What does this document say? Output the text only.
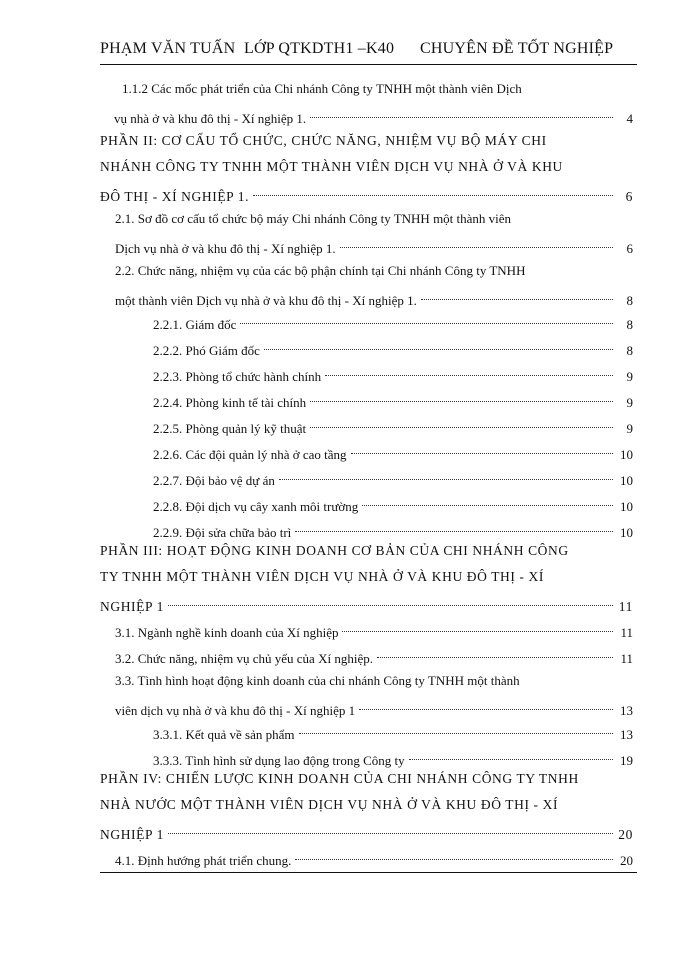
PHẠM VĂN TUẤN LỚP QTKDTH1 –K40 CHUYÊN ĐỀ TỐT NGHIỆP
1.1.2 Các mốc phát triển của Chi nhánh Công ty TNHH một thành viên Dịch
vụ nhà ở và khu đô thị - Xí nghiệp 1.	4
PHẦN II: CƠ CẤU TỔ CHỨC, CHỨC NĂNG, NHIỆM VỤ BỘ MÁY CHI
NHÁNH CÔNG TY TNHH MỘT THÀNH VIÊN DỊCH VỤ NHÀ Ở VÀ KHU
ĐÔ THỊ - XÍ NGHIỆP 1.	6
2.1. Sơ đồ cơ cấu tổ chức bộ máy Chi nhánh Công ty TNHH một thành viên
Dịch vụ nhà ở và khu đô thị - Xí nghiệp 1.	6
2.2. Chức năng, nhiệm vụ của các bộ phận chính tại Chi nhánh Công ty TNHH
một thành viên Dịch vụ nhà ở và khu đô thị - Xí nghiệp 1.	8
2.2.1. Giám đốc	8
2.2.2. Phó Giám đốc	8
2.2.3. Phòng tổ chức hành chính	9
2.2.4. Phòng kinh tế tài chính	9
2.2.5. Phòng quản lý kỹ thuật	9
2.2.6. Các đội quản lý nhà ở cao tầng	10
2.2.7. Đội bảo vệ dự án	10
2.2.8. Đội dịch vụ cây xanh môi trường	10
2.2.9. Đội sửa chữa bảo trì	10
PHẦN III: HOẠT ĐỘNG KINH DOANH CƠ BẢN CỦA CHI NHÁNH CÔNG
TY TNHH MỘT THÀNH VIÊN DỊCH VỤ NHÀ Ở VÀ KHU ĐÔ THỊ - XÍ
NGHIỆP 1	11
3.1. Ngành nghề kinh doanh của Xí nghiệp	11
3.2. Chức năng, nhiệm vụ chủ yếu của Xí nghiệp.	11
3.3. Tình hình hoạt động kinh doanh của chi nhánh Công ty TNHH một thành
viên dịch vụ nhà ở và khu đô thị - Xí nghiệp 1	13
3.3.1. Kết quả về sản phẩm	13
3.3.3. Tình hình sử dụng lao động trong Công ty	19
PHẦN IV: CHIẾN LƯỢC KINH DOANH CỦA CHI NHÁNH CÔNG TY TNHH
NHÀ NƯỚC MỘT THÀNH VIÊN DỊCH VỤ NHÀ Ở VÀ KHU ĐÔ THỊ - XÍ
NGHIỆP 1	20
4.1. Định hướng phát triển chung.	20
